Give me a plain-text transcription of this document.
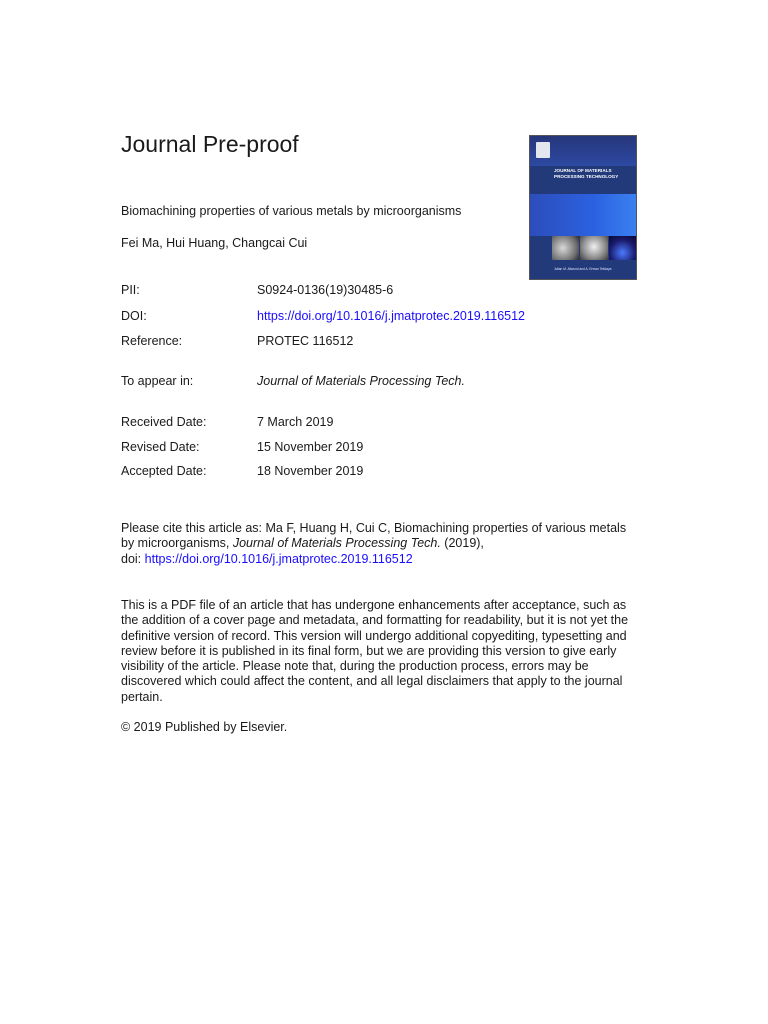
Journal Pre-proof
JOURNAL OF MATERIALS
PROCESSING TECHNOLOGY
Julian M. Allwood and A. Erman Tekkaya
Biomachining properties of various metals by microorganisms
Fei Ma, Hui Huang, Changcai Cui
PII:	S0924-0136(19)30485-6
DOI:	https://doi.org/10.1016/j.jmatprotec.2019.116512
Reference:	PROTEC 116512
To appear in:	Journal of Materials Processing Tech.
Received Date:	7 March 2019
Revised Date:	15 November 2019
Accepted Date:	18 November 2019
Please cite this article as: Ma F, Huang H, Cui C, Biomachining properties of various metals by microorganisms, Journal of Materials Processing Tech. (2019),
doi: https://doi.org/10.1016/j.jmatprotec.2019.116512
This is a PDF file of an article that has undergone enhancements after acceptance, such as the addition of a cover page and metadata, and formatting for readability, but it is not yet the definitive version of record. This version will undergo additional copyediting, typesetting and review before it is published in its final form, but we are providing this version to give early visibility of the article. Please note that, during the production process, errors may be discovered which could affect the content, and all legal disclaimers that apply to the journal pertain.
© 2019 Published by Elsevier.
